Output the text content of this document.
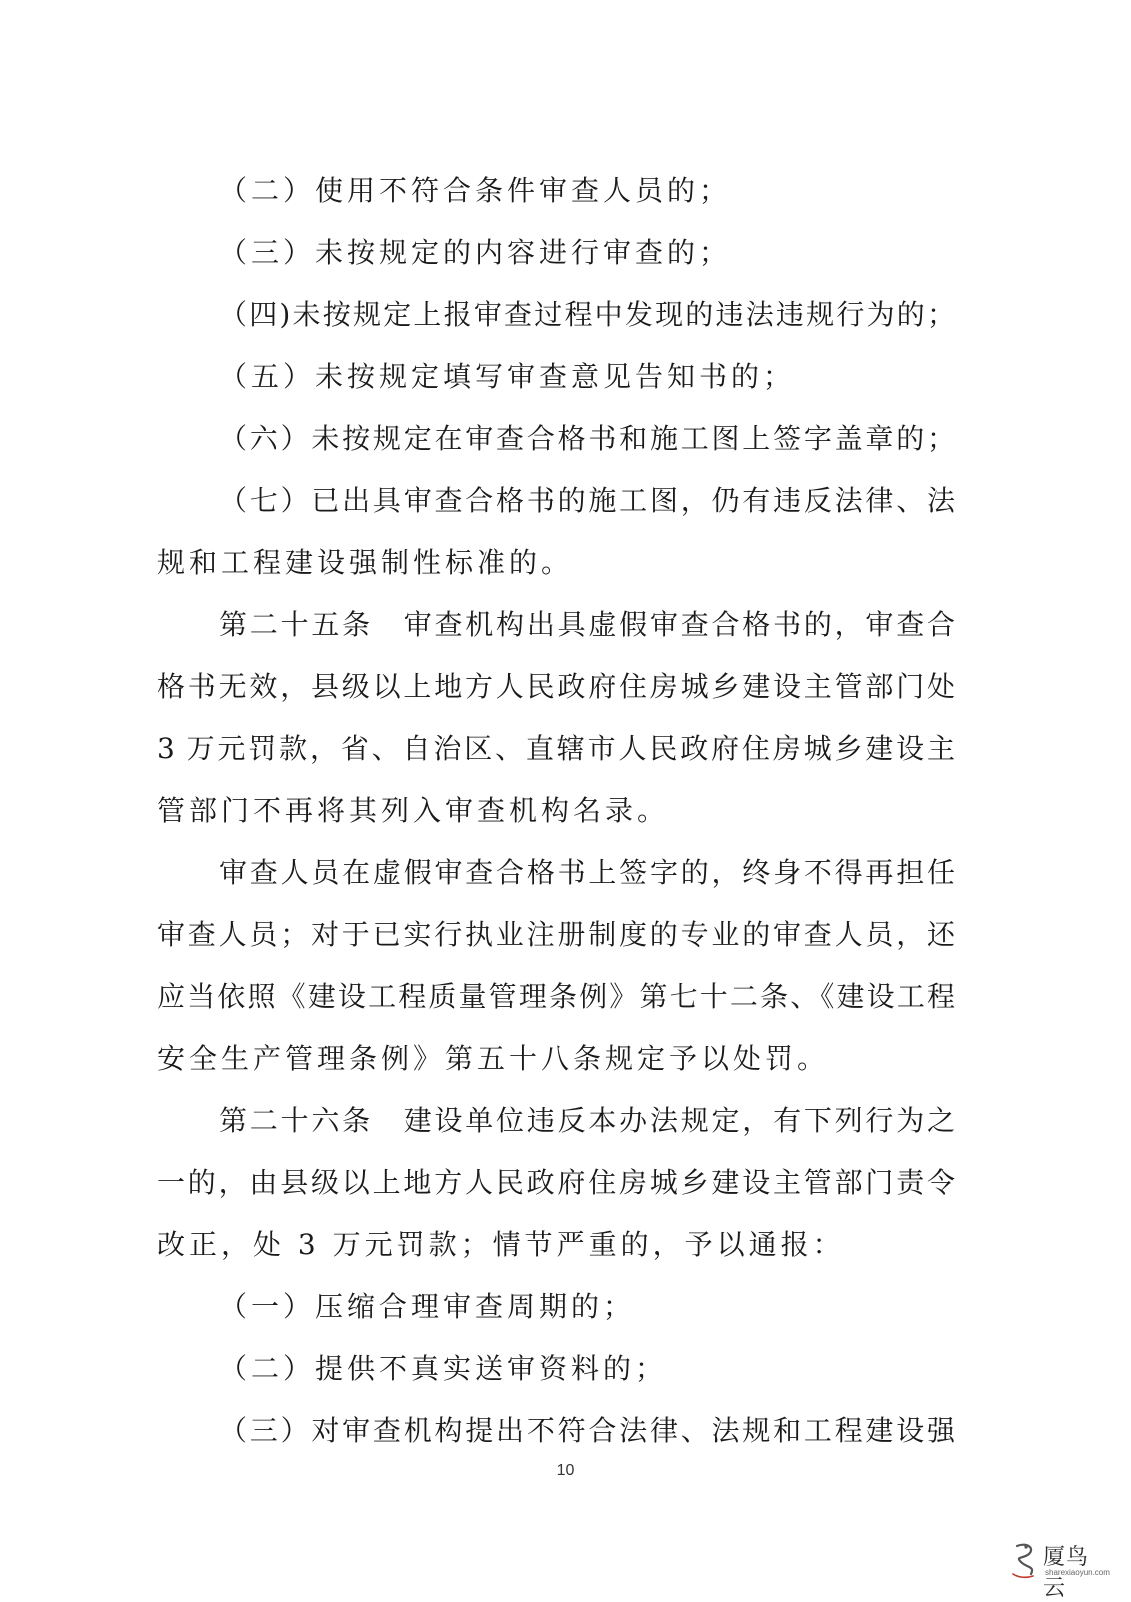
（二）使用不符合条件审查人员的；
（三）未按规定的内容进行审查的；
（四)未按规定上报审查过程中发现的违法违规行为的；
（五）未按规定填写审查意见告知书的；
（六）未按规定在审查合格书和施工图上签字盖章的；
（七）已出具审查合格书的施工图，仍有违反法律、法
规和工程建设强制性标准的。
第二十五条　审查机构出具虚假审查合格书的，审查合
格书无效，县级以上地方人民政府住房城乡建设主管部门处
3 万元罚款，省、自治区、直辖市人民政府住房城乡建设主
管部门不再将其列入审查机构名录。
审查人员在虚假审查合格书上签字的，终身不得再担任
审查人员；对于已实行执业注册制度的专业的审查人员，还
应当依照《建设工程质量管理条例》第七十二条、《建设工程
安全生产管理条例》第五十八条规定予以处罚。
第二十六条　建设单位违反本办法规定，有下列行为之
一的，由县级以上地方人民政府住房城乡建设主管部门责令
改正，处 3 万元罚款；情节严重的，予以通报：
（一）压缩合理审查周期的；
（二）提供不真实送审资料的；
（三）对审查机构提出不符合法律、法规和工程建设强
10
厦鸟云
sharexiaoyun.com
